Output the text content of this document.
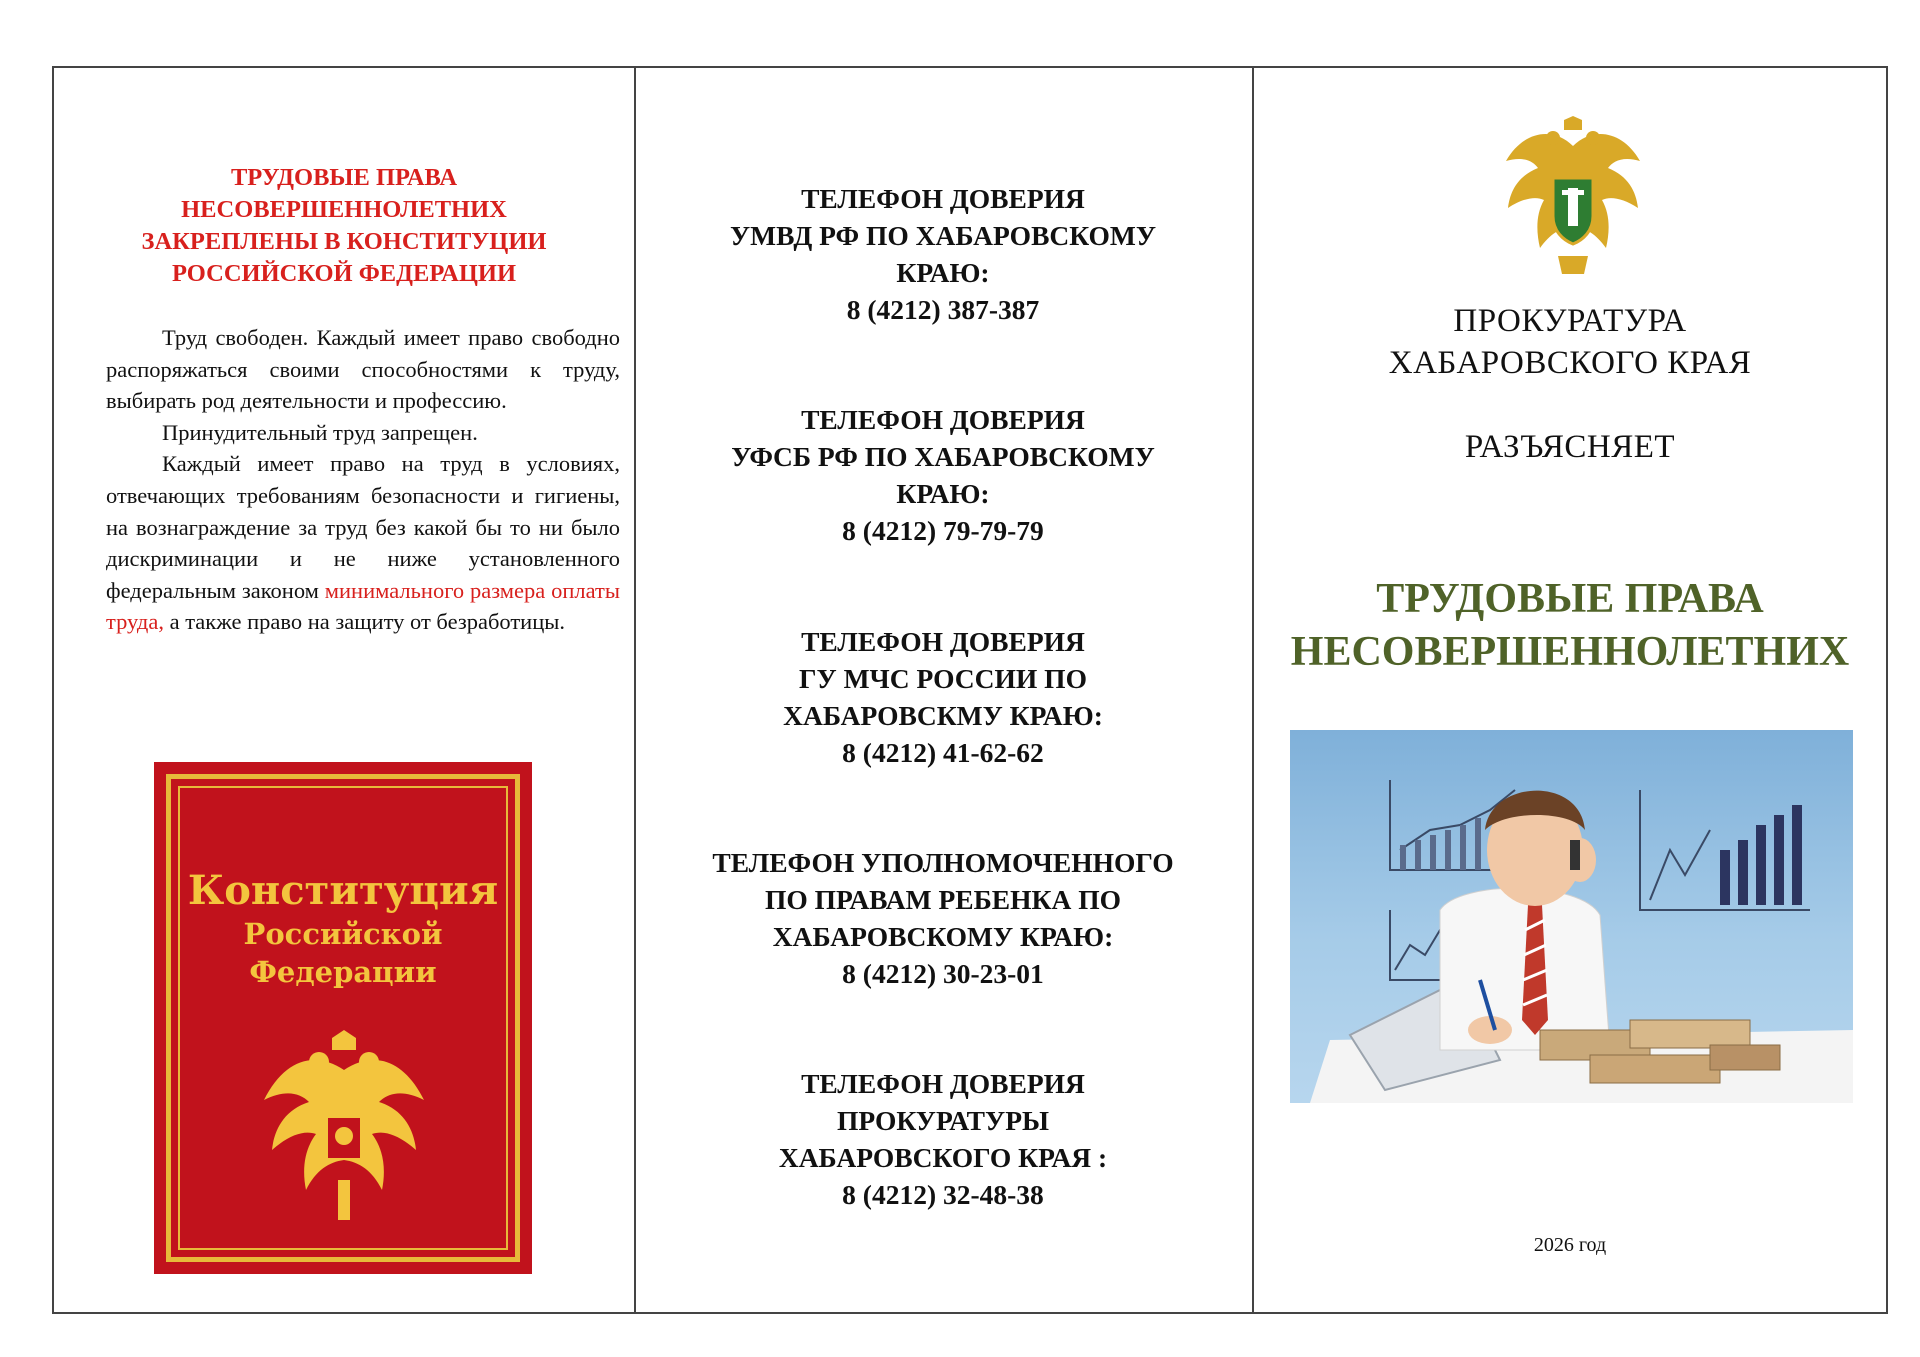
ТРУДОВЫЕ ПРАВА
НЕСОВЕРШЕННОЛЕТНИХ
ЗАКРЕПЛЕНЫ В КОНСТИТУЦИИ
РОССИЙСКОЙ ФЕДЕРАЦИИ

Труд свободен. Каждый имеет право свободно распоряжаться своими способностями к труду, выбирать род деятельности и профессию.

Принудительный труд запрещен.

Каждый имеет право на труд в условиях, отвечающих требованиям безопасности и гигиены, на вознаграждение за труд без какой бы то ни было дискриминации и не ниже установленного федеральным законом минимального размера оплаты труда, а также право на защиту от безработицы.

Конституция
Российской
Федерации
ТЕЛЕФОН ДОВЕРИЯ
УМВД РФ ПО ХАБАРОВСКОМУ
КРАЮ:
8 (4212) 387-387
ТЕЛЕФОН ДОВЕРИЯ
УФСБ РФ ПО ХАБАРОВСКОМУ
КРАЮ:
8 (4212) 79-79-79
ТЕЛЕФОН ДОВЕРИЯ
ГУ МЧС РОССИИ ПО
ХАБАРОВСКМУ КРАЮ:
8 (4212) 41-62-62
ТЕЛЕФОН УПОЛНОМОЧЕННОГО
ПО ПРАВАМ РЕБЕНКА ПО
ХАБАРОВСКОМУ КРАЮ:
8 (4212) 30-23-01
ТЕЛЕФОН ДОВЕРИЯ
ПРОКУРАТУРЫ
ХАБАРОВСКОГО КРАЯ :
8 (4212) 32-48-38
ПРОКУРАТУРА
ХАБАРОВСКОГО КРАЯ
РАЗЪЯСНЯЕТ
ТРУДОВЫЕ ПРАВА
НЕСОВЕРШЕННОЛЕТНИХ
2026 год
